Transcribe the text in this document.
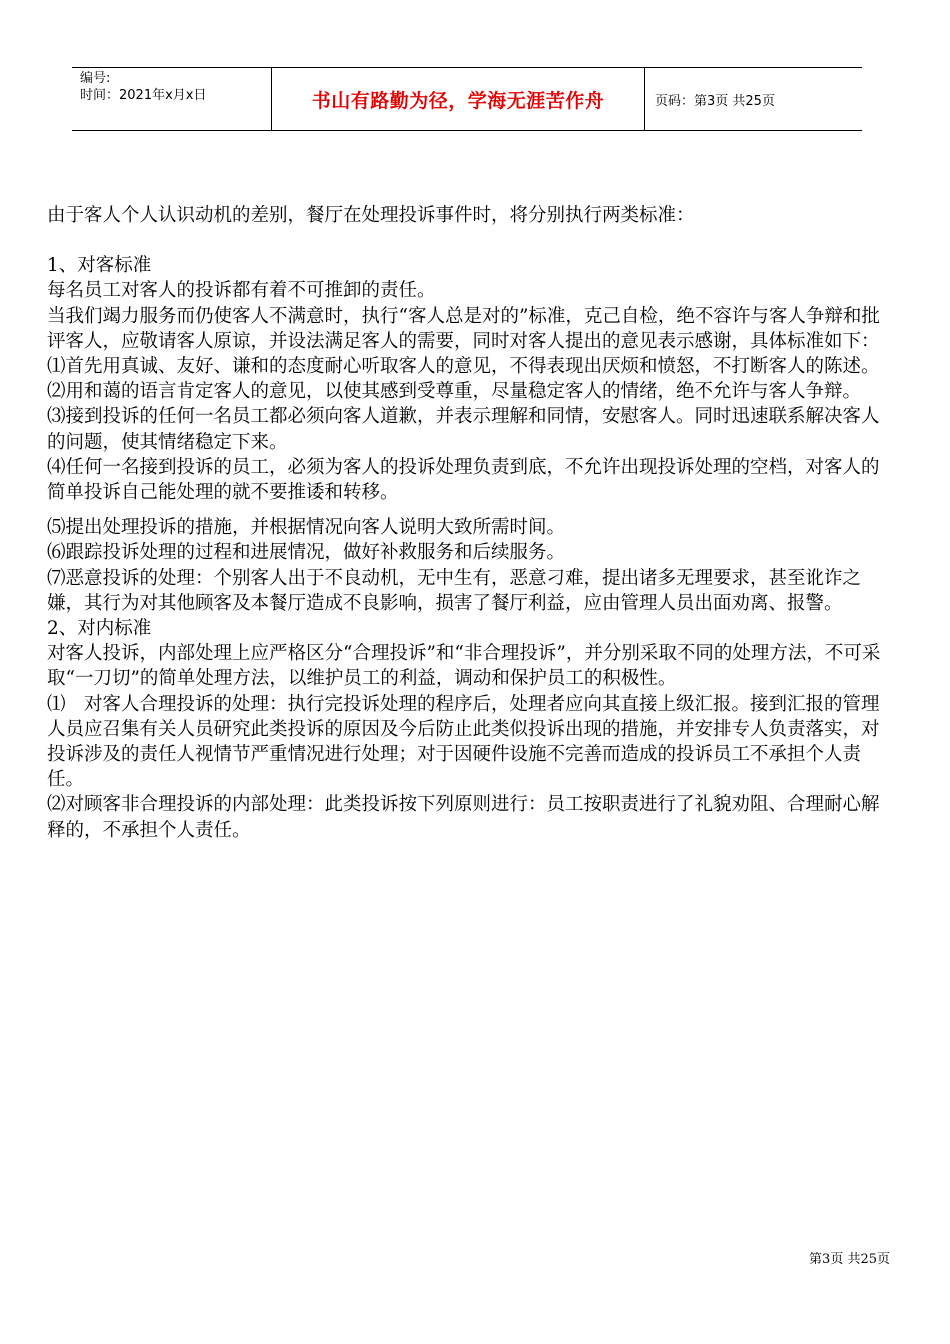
编号:
时间：2021年x月x日	书山有路勤为径，学海无涯苦作舟	页码：第3页 共25页

由于客人个人认识动机的差别，餐厅在处理投诉事件时，将分别执行两类标准：

1、对客标准

每名员工对客人的投诉都有着不可推卸的责任。

当我们竭力服务而仍使客人不满意时，执行“客人总是对的”标准，克己自检，绝不容许与客人争辩和批评客人，应敬请客人原谅，并设法满足客人的需要，同时对客人提出的意见表示感谢，具体标准如下：

⑴首先用真诚、友好、谦和的态度耐心听取客人的意见，不得表现出厌烦和愤怒，不打断客人的陈述。

⑵用和蔼的语言肯定客人的意见，以使其感到受尊重，尽量稳定客人的情绪，绝不允许与客人争辩。

⑶接到投诉的任何一名员工都必须向客人道歉，并表示理解和同情，安慰客人。同时迅速联系解决客人的问题，使其情绪稳定下来。

⑷任何一名接到投诉的员工，必须为客人的投诉处理负责到底，不允许出现投诉处理的空档，对客人的简单投诉自己能处理的就不要推诿和转移。

⑸提出处理投诉的措施，并根据情况向客人说明大致所需时间。

⑹跟踪投诉处理的过程和进展情况，做好补救服务和后续服务。

⑺恶意投诉的处理：个别客人出于不良动机，无中生有，恶意刁难，提出诸多无理要求，甚至讹诈之嫌，其行为对其他顾客及本餐厅造成不良影响，损害了餐厅利益，应由管理人员出面劝离、报警。

2、对内标准

对客人投诉，内部处理上应严格区分“合理投诉”和“非合理投诉”，并分别采取不同的处理方法，不可采取“一刀切”的简单处理方法，以维护员工的利益，调动和保护员工的积极性。

⑴　对客人合理投诉的处理：执行完投诉处理的程序后，处理者应向其直接上级汇报。接到汇报的管理人员应召集有关人员研究此类投诉的原因及今后防止此类似投诉出现的措施，并安排专人负责落实，对投诉涉及的责任人视情节严重情况进行处理；对于因硬件设施不完善而造成的投诉员工不承担个人责任。

⑵对顾客非合理投诉的内部处理：此类投诉按下列原则进行：员工按职责进行了礼貌劝阻、合理耐心解释的，不承担个人责任。

第3页 共25页
